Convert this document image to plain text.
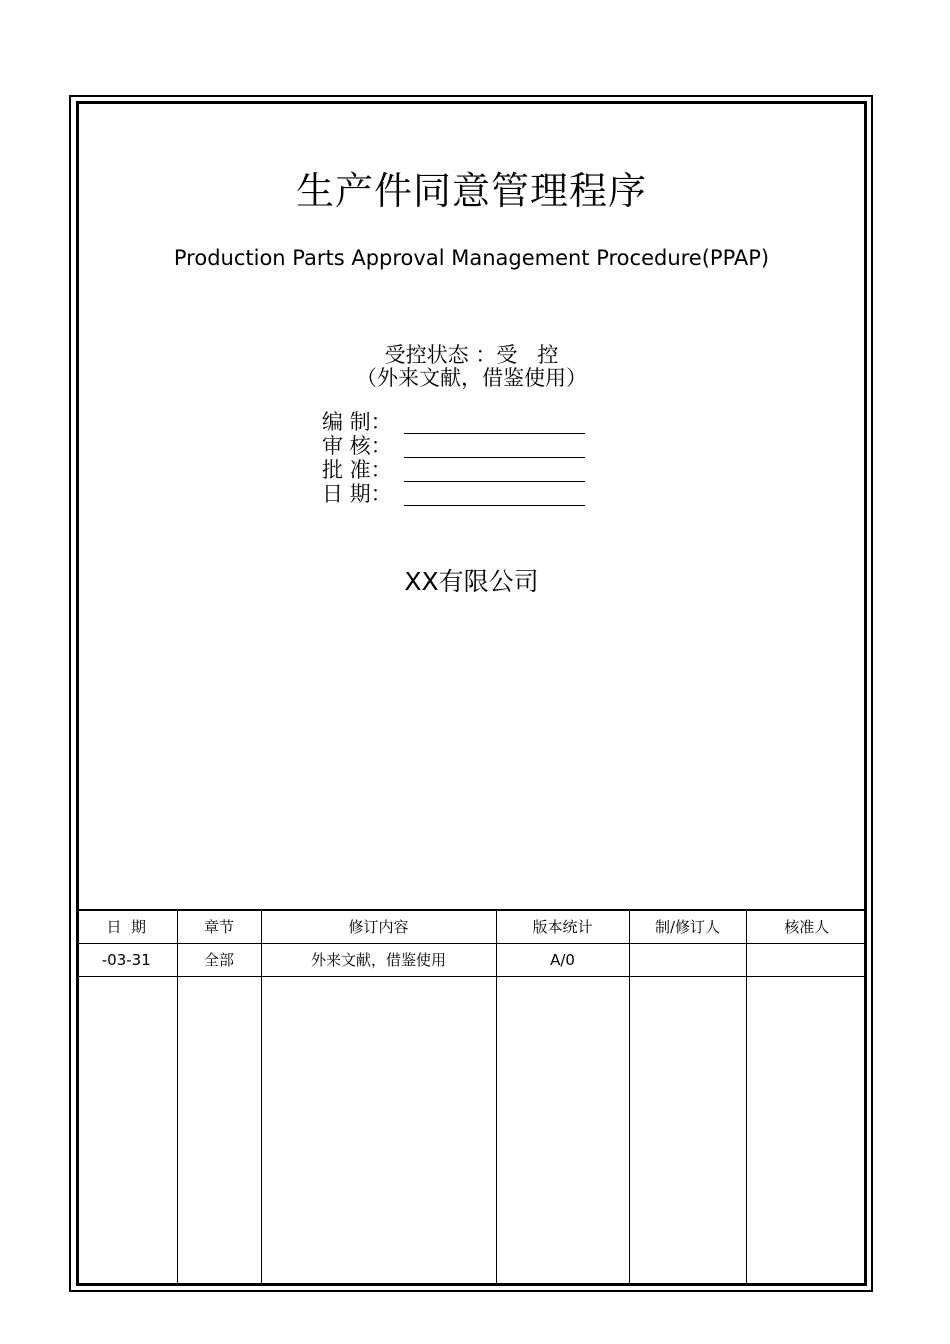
生产件同意管理程序
Production Parts Approval Management Procedure(PPAP)
受控状态 ：受   控
（外来文献，借鉴使用）
编 制：
审 核：
批 准：
日 期：
XX有限公司
日  期	章节	修订内容	版本统计	制/修订人	核准人
-03-31	全部	外来文献，借鉴使用	A/0		
